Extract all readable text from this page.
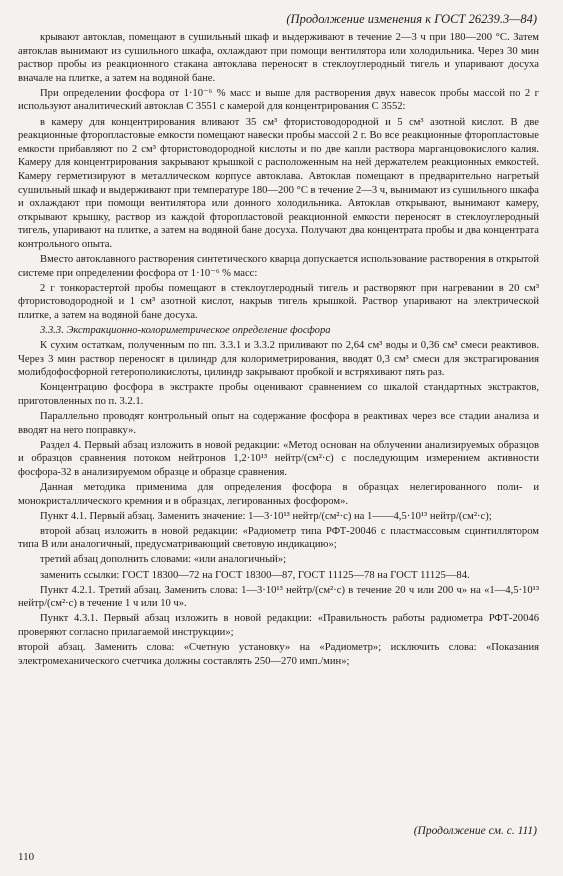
(Продолжение изменения к ГОСТ 26239.3—84)

крывают автоклав, помещают в сушильный шкаф и выдерживают в течение 2—3 ч при 180—200 °С. Затем автоклав вынимают из сушильного шкафа, охлаждают при помощи вентилятора или холодильника. Через 30 мин раствор пробы из реакционного стакана автоклава переносят в стеклоуглеродный тигель и упаривают досуха вначале на плитке, а затем на водяной бане.

При определении фосфора от 1·10⁻⁶ % масс и выше для растворения двух навесок пробы массой по 2 г используют аналитический автоклав С 3551 с камерой для концентрирования С 3552:

в камеру для концентрирования вливают 35 см³ фтористоводородной и 5 см³ азотной кислот. В две реакционные фторопластовые емкости помещают навески пробы массой 2 г. Во все реакционные фторопластовые емкости прибавляют по 2 см³ фтористоводородной кислоты и по две капли раствора марганцовокислого калия. Камеру для концентрирования закрывают крышкой с расположенным на ней держателем реакционных емкостей. Камеру герметизируют в металлическом корпусе автоклава. Автоклав помещают в предварительно нагретый сушильный шкаф и выдерживают при температуре 180—200 °С в течение 2—3 ч, вынимают из сушильного шкафа и охлаждают при помощи вентилятора или донного холодильника. Автоклав открывают, вынимают камеру, открывают крышку, раствор из каждой фторопластовой реакционной емкости переносят в стеклоуглеродный тигель, упаривают на плитке, а затем на водяной бане досуха. Получают два концентрата пробы и два концентрата контрольного опыта.

Вместо автоклавного растворения синтетического кварца допускается использование растворения в открытой системе при определении фосфора от 1·10⁻⁶ % масс:

2 г тонкорастертой пробы помещают в стеклоуглеродный тигель и растворяют при нагревании в 20 см³ фтористоводородной и 1 см³ азотной кислот, накрыв тигель крышкой. Раствор упаривают на электрической плитке, а затем на водяной бане досуха.

3.3.3. Экстракционно-колориметрическое определение фосфора

К сухим остаткам, полученным по пп. 3.3.1 и 3.3.2 приливают по 2,64 см³ воды и 0,36 см³ смеси реактивов. Через 3 мин раствор переносят в цилиндр для колориметрирования, вводят 0,3 см³ смеси для экстрагирования молибдофосфорной гетерополикислоты, цилиндр закрывают пробкой и встряхивают пять раз.

Концентрацию фосфора в экстракте пробы оценивают сравнением со шкалой стандартных экстрактов, приготовленных по п. 3.2.1.

Параллельно проводят контрольный опыт на содержание фосфора в реактивах через все стадии анализа и вводят на него поправку».

Раздел 4. Первый абзац изложить в новой редакции: «Метод основан на облучении анализируемых образцов и образцов сравнения потоком нейтронов 1,2·10¹³ нейтр/(см²·с) с последующим измерением активности фосфора-32 в анализируемом образце и образце сравнения.

Данная методика применима для определения фосфора в образцах нелегированного поли- и монокристаллического кремния и в образцах, легированных фосфором».

Пункт 4.1. Первый абзац. Заменить значение: 1—3·10¹³ нейтр/(см²·с) на 1——4,5·10¹³ нейтр/(см²·с);

второй абзац изложить в новой редакции: «Радиометр типа РФТ-20046 с пластмассовым сцинтиллятором типа В или аналогичный, предусматривающий световую индикацию»;

третий абзац дополнить словами: «или аналогичный»;

заменить ссылки: ГОСТ 18300—72 на ГОСТ 18300—87, ГОСТ 11125—78 на ГОСТ 11125—84.

Пункт 4.2.1. Третий абзац. Заменить слова: 1—3·10¹³ нейтр/(см²·с) в течение 20 ч или 200 ч» на «1—4,5·10¹³ нейтр/(см²·с) в течение 1 ч или 10 ч».

Пункт 4.3.1. Первый абзац изложить в новой редакции: «Правильность работы радиометра РФТ-20046 проверяют согласно прилагаемой инструкции»;

второй абзац. Заменить слова: «Счетную установку» на «Радиометр»; исключить слова: «Показания электромеханического счетчика должны составлять 250—270 имп./мин»;

(Продолжение см. с. 111)
110
